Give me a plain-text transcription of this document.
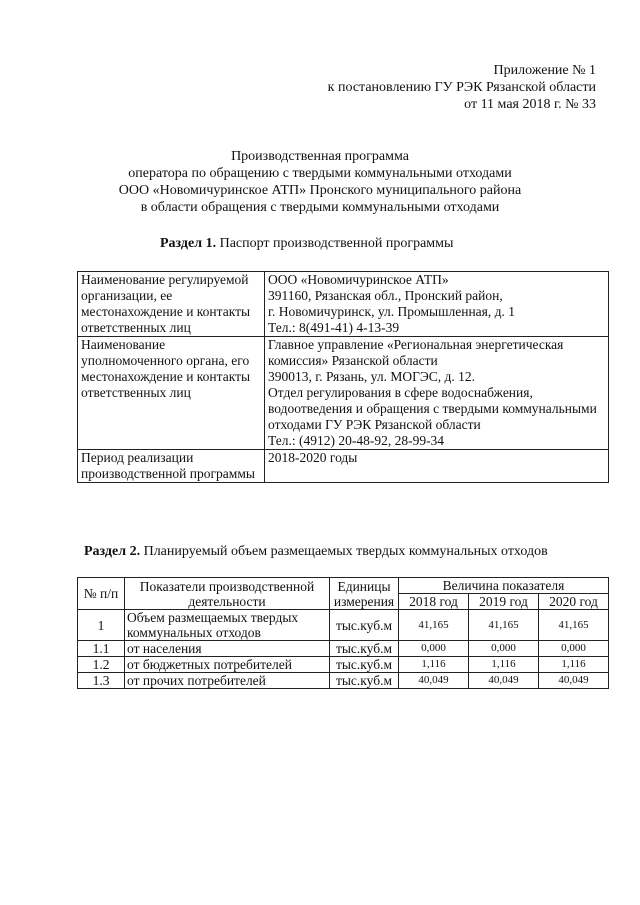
Приложение № 1
к постановлению ГУ РЭК Рязанской области
от 11 мая 2018 г. № 33
Производственная программа
оператора по обращению с твердыми коммунальными отходами
ООО «Новомичуринское АТП» Пронского муниципального района
в области обращения с твердыми коммунальными отходами
Раздел 1. Паспорт производственной программы
Наименование регулируемой организации, ее местонахождение и контакты ответственных лиц	ООО «Новомичуринское АТП»
391160, Рязанская обл., Пронский район,
г. Новомичуринск, ул. Промышленная, д. 1
Тел.: 8(491-41) 4-13-39

Наименование уполномоченного органа, его местонахождение и контакты ответственных лиц	Главное управление «Региональная энергетическая комиссия» Рязанской области
390013, г. Рязань, ул. МОГЭС, д. 12.
Отдел регулирования в сфере водоснабжения, водоотведения и обращения с твердыми коммунальными отходами ГУ РЭК Рязанской области
Тел.: (4912) 20-48-92, 28-99-34

Период реализации производственной программы	2018-2020 годы
Раздел 2. Планируемый объем размещаемых твердых коммунальных отходов
№ п/п	Показатели производственной деятельности	Единицы измерения	Величина показателя		
			2018 год	2019 год	2020 год
1	Объем размещаемых твердых коммунальных отходов	тыс.куб.м	41,165	41,165	41,165
1.1	от населения	тыс.куб.м	0,000	0,000	0,000
1.2	от бюджетных потребителей	тыс.куб.м	1,116	1,116	1,116
1.3	от прочих потребителей	тыс.куб.м	40,049	40,049	40,049
